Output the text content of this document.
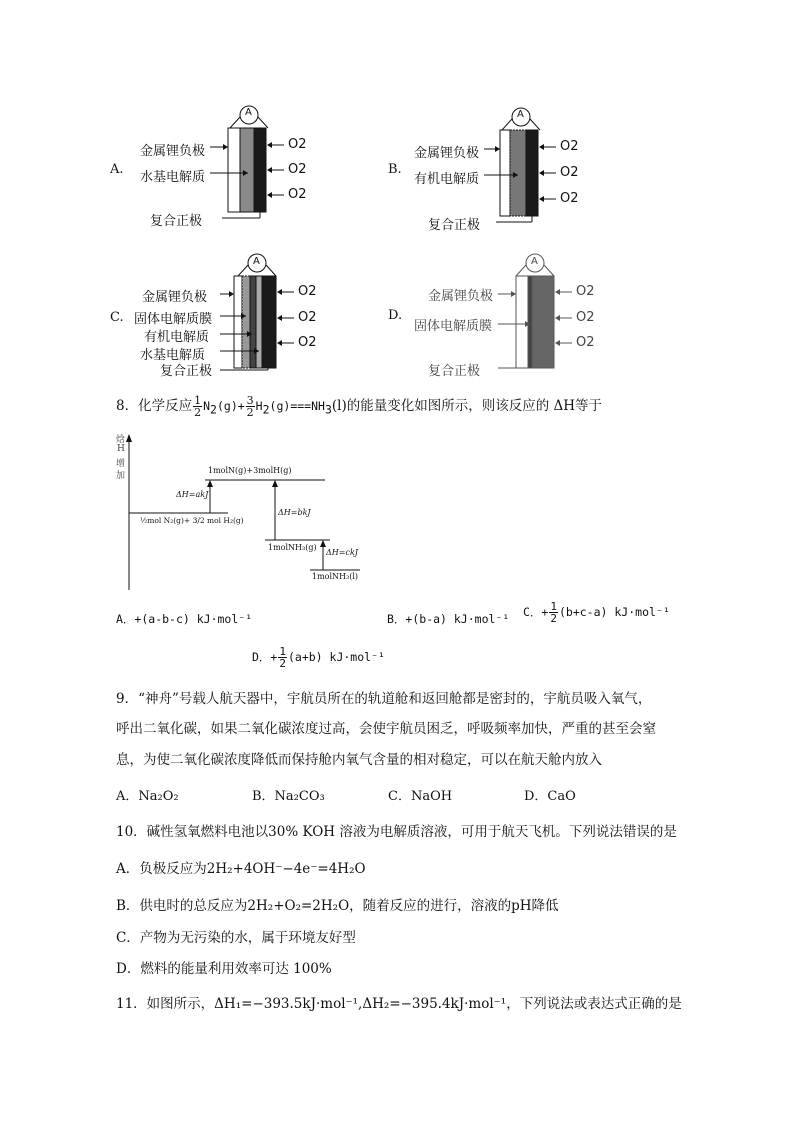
A.
金属锂负极
水基电解质
复合正极
A
O2
O2
O2
B.
金属锂负极
有机电解质
复合正极
A
O2
O2
O2
C.
金属锂负极
固体电解质膜
有机电解质
水基电解质
复合正极
A
O2
O2
O2
D.
金属锂负极
固体电解质膜
复合正极
A
O2
O2
O2
8．化学反应 $\frac{1}{2} N_2(g)+ \frac{3}{2} H_2(g)===NH_3(l)$的能量变化如图所示，则该反应的 ΔH等于
焓
H
增
加
1molN(g)+3molH(g)
½mol N₂(g)+ 3/2 mol H₂(g)
1molNH₃(g)
1molNH₃(l)
ΔH=akJ
ΔH=bkJ
ΔH=ckJ
A．+(a-b-c) kJ·mol⁻¹	B．+(b-a) kJ·mol⁻¹ C．+ $\frac{1}{2} (b+c-a)$ kJ·mol⁻¹
D．+ $\frac{1}{2} (a+b)$ kJ·mol⁻¹
9．“神舟”号载人航天器中，宇航员所在的轨道舱和返回舱都是密封的，宇航员吸入氧气，
呼出二氧化碳，如果二氧化碳浓度过高，会使宇航员困乏，呼吸频率加快，严重的甚至会窒
息，为使二氧化碳浓度降低而保持舱内氧气含量的相对稳定，可以在航天舱内放入
A．Na₂O₂	B．Na₂CO₃	C．NaOH	D．CaO
10．碱性氢氧燃料电池以30% KOH 溶液为电解质溶液，可用于航天飞机。下列说法错误的是
A．负极反应为2H₂+4OH⁻−4e⁻=4H₂O
B．供电时的总反应为2H₂+O₂=2H₂O，随着反应的进行，溶液的pH降低
C．产物为无污染的水，属于环境友好型
D．燃料的能量利用效率可达 100%
11．如图所示，ΔH₁=−393.5kJ·mol⁻¹,ΔH₂=−395.4kJ·mol⁻¹，下列说法或表达式正确的是
